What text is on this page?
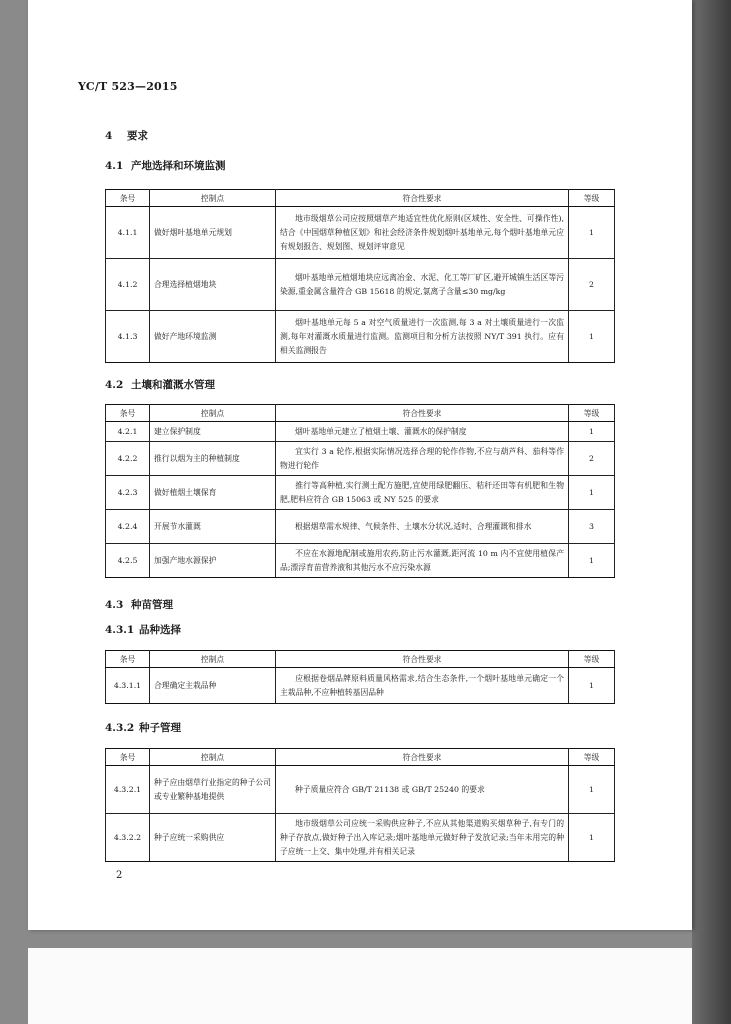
YC/T 523—2015
4 要求
4.1 产地选择和环境监测
条号	控制点	符合性要求	等级
4.1.1	做好烟叶基地单元规划	地市级烟草公司应按照烟草产地适宜性优化原则(区域性、安全性、可操作性),结合《中国烟草种植区划》和社会经济条件规划烟叶基地单元,每个烟叶基地单元应有规划报告、规划图、规划评审意见	1
4.1.2	合理选择植烟地块	烟叶基地单元植烟地块应远离冶金、水泥、化工等厂矿区,避开城镇生活区等污染源,重金属含量符合 GB 15618 的规定,氯离子含量≤30 mg/kg	2
4.1.3	做好产地环境监测	烟叶基地单元每 5 a 对空气质量进行一次监测,每 3 a 对土壤质量进行一次监测,每年对灌溉水质量进行监测。监测项目和分析方法按照 NY/T 391 执行。应有相关监测报告	1
4.2 土壤和灌溉水管理
条号	控制点	符合性要求	等级
4.2.1	建立保护制度	烟叶基地单元建立了植烟土壤、灌溉水的保护制度	1
4.2.2	推行以烟为主的种植制度	宜实行 3 a 轮作,根据实际情况选择合理的轮作作物,不应与葫芦科、茄科等作物进行轮作	2
4.2.3	做好植烟土壤保育	推行等高种植,实行测土配方施肥,宜使用绿肥翻压、秸秆还田等有机肥和生物肥,肥料应符合 GB 15063 或 NY 525 的要求	1
4.2.4	开展节水灌溉	根据烟草需水规律、气候条件、土壤水分状况,适时、合理灌溉和排水	3
4.2.5	加强产地水源保护	不应在水源地配制或施用农药,防止污水灌溉,距河流 10 m 内不宜使用植保产品;漂浮育苗营养液和其他污水不应污染水源	1
4.3 种苗管理
4.3.1 品种选择
条号	控制点	符合性要求	等级
4.3.1.1	合理确定主栽品种	应根据卷烟品牌原料质量风格需求,结合生态条件,一个烟叶基地单元确定一个主栽品种,不应种植转基因品种	1
4.3.2 种子管理
条号	控制点	符合性要求	等级
4.3.2.1	种子应由烟草行业指定的种子公司或专业繁种基地提供	种子质量应符合 GB/T 21138 或 GB/T 25240 的要求	1
4.3.2.2	种子应统一采购供应	地市级烟草公司应统一采购供应种子,不应从其他渠道购买烟草种子,有专门的种子存放点,做好种子出入库记录;烟叶基地单元做好种子发放记录;当年未用完的种子应统一上交、集中处理,并有相关记录	1
2
